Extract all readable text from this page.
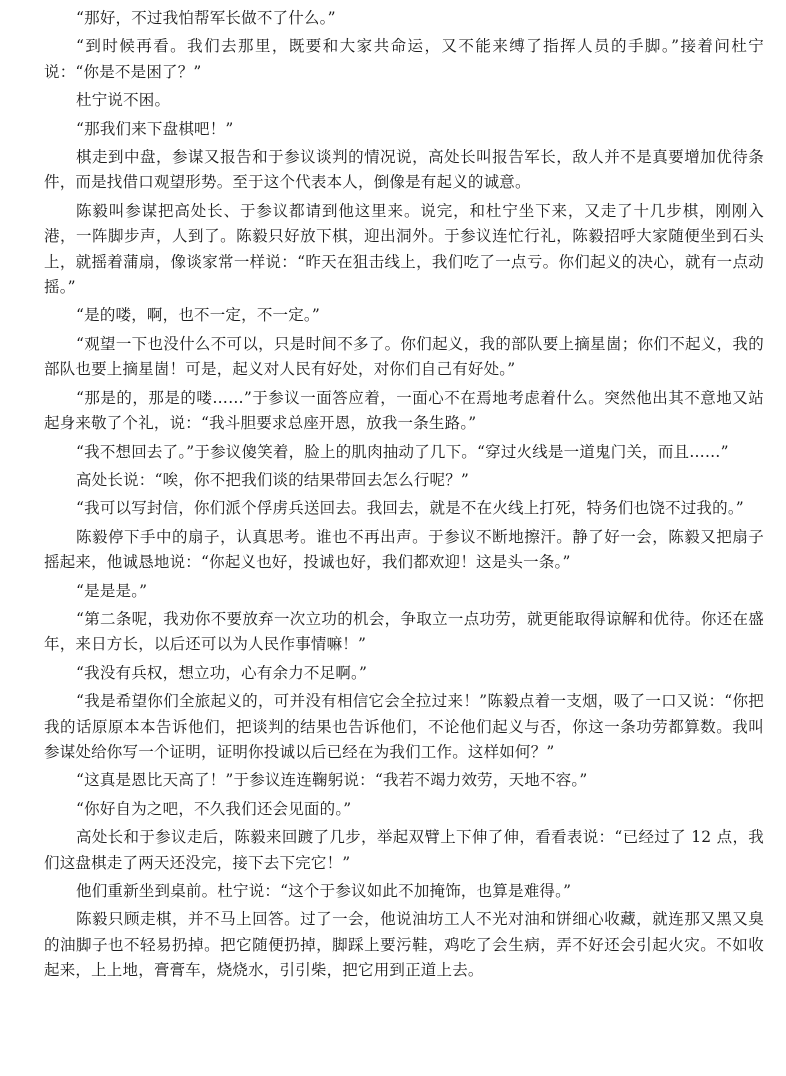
“那好，不过我怕帮军长做不了什么。”

“到时候再看。我们去那里，既要和大家共命运，又不能来缚了指挥人员的手脚。”接着问杜宁说：“你是不是困了？”

杜宁说不困。

“那我们来下盘棋吧！”

棋走到中盘，参谋又报告和于参议谈判的情况说，高处长叫报告军长，敌人并不是真要增加优待条件，而是找借口观望形势。至于这个代表本人，倒像是有起义的诚意。

陈毅叫参谋把高处长、于参议都请到他这里来。说完，和杜宁坐下来，又走了十几步棋，刚刚入港，一阵脚步声，人到了。陈毅只好放下棋，迎出洞外。于参议连忙行礼，陈毅招呼大家随便坐到石头上，就摇着蒲扇，像谈家常一样说：“昨天在狙击线上，我们吃了一点亏。你们起义的决心，就有一点动摇。”

“是的喽，啊，也不一定，不一定。”

“观望一下也没什么不可以，只是时间不多了。你们起义，我的部队要上摘星崮；你们不起义，我的部队也要上摘星崮！可是，起义对人民有好处，对你们自己有好处。”

“那是的，那是的喽……”于参议一面答应着，一面心不在焉地考虑着什么。突然他出其不意地又站起身来敬了个礼，说：“我斗胆要求总座开恩，放我一条生路。”

“我不想回去了。”于参议傻笑着，脸上的肌肉抽动了几下。“穿过火线是一道鬼门关，而且……”

高处长说：“唉，你不把我们谈的结果带回去怎么行呢？”

“我可以写封信，你们派个俘虏兵送回去。我回去，就是不在火线上打死，特务们也饶不过我的。”

陈毅停下手中的扇子，认真思考。谁也不再出声。于参议不断地擦汗。静了好一会，陈毅又把扇子摇起来，他诚恳地说：“你起义也好，投诚也好，我们都欢迎！这是头一条。”

“是是是。”

“第二条呢，我劝你不要放弃一次立功的机会，争取立一点功劳，就更能取得谅解和优待。你还在盛年，来日方长，以后还可以为人民作事情嘛！”

“我没有兵权，想立功，心有余力不足啊。”

“我是希望你们全旅起义的，可并没有相信它会全拉过来！”陈毅点着一支烟，吸了一口又说：“你把我的话原原本本告诉他们，把谈判的结果也告诉他们，不论他们起义与否，你这一条功劳都算数。我叫参谋处给你写一个证明，证明你投诚以后已经在为我们工作。这样如何？”

“这真是恩比天高了！”于参议连连鞠躬说：“我若不竭力效劳，天地不容。”

“你好自为之吧，不久我们还会见面的。”

高处长和于参议走后，陈毅来回踱了几步，举起双臂上下伸了伸，看看表说：“已经过了 12 点，我们这盘棋走了两天还没完，接下去下完它！”

他们重新坐到桌前。杜宁说：“这个于参议如此不加掩饰，也算是难得。”

陈毅只顾走棋，并不马上回答。过了一会，他说油坊工人不光对油和饼细心收藏，就连那又黑又臭的油脚子也不轻易扔掉。把它随便扔掉，脚踩上要污鞋，鸡吃了会生病，弄不好还会引起火灾。不如收起来，上上地，膏膏车，烧烧水，引引柴，把它用到正道上去。
